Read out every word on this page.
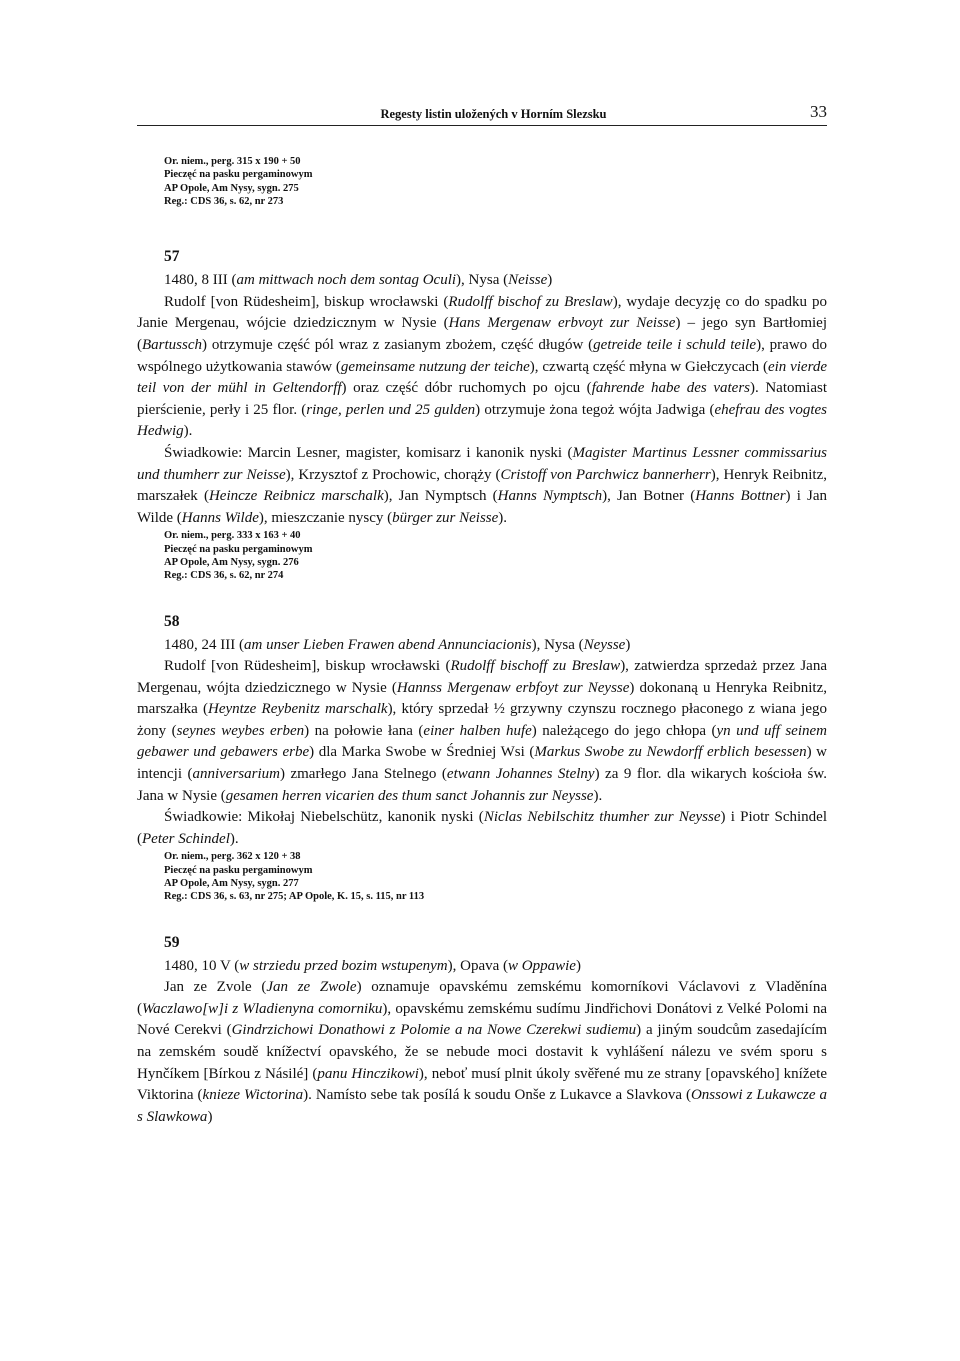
Regesty listin uložených v Horním Slezsku	33
Or. niem., perg. 315 x 190 + 50
Pieczęć na pasku pergaminowym
AP Opole, Am Nysy, sygn. 275
Reg.: CDS 36, s. 62, nr 273
57
1480, 8 III (am mittwach noch dem sontag Oculi), Nysa (Neisse)
Rudolf [von Rüdesheim], biskup wrocławski (Rudolff bischof zu Breslaw), wydaje decyzję co do spadku po Janie Mergenau, wójcie dziedzicznym w Nysie (Hans Mergenaw erbvoyt zur Neisse) – jego syn Bartłomiej (Bartussch) otrzymuje część pól wraz z zasianym zbożem, część długów (getreide teile i schuld teile), prawo do wspólnego użytkowania stawów (gemeinsame nutzung der teiche), czwartą część młyna w Giełczycach (ein vierde teil von der mühl in Geltendorff) oraz część dóbr ruchomych po ojcu (fahrende habe des vaters). Natomiast pierścienie, perły i 25 flor. (ringe, perlen und 25 gulden) otrzymuje żona tegoż wójta Jadwiga (ehefrau des vogtes Hedwig).
Świadkowie: Marcin Lesner, magister, komisarz i kanonik nyski (Magister Martinus Lessner commissarius und thumherr zur Neisse), Krzysztof z Prochowic, chorąży (Cristoff von Parchwicz bannerherr), Henryk Reibnitz, marszałek (Heincze Reibnicz marschalk), Jan Nymptsch (Hanns Nymptsch), Jan Botner (Hanns Bottner) i Jan Wilde (Hanns Wilde), mieszczanie nyscy (bürger zur Neisse).
Or. niem., perg. 333 x 163 + 40
Pieczęć na pasku pergaminowym
AP Opole, Am Nysy, sygn. 276
Reg.: CDS 36, s. 62, nr 274
58
1480, 24 III (am unser Lieben Frawen abend Annunciacionis), Nysa (Neysse)
Rudolf [von Rüdesheim], biskup wrocławski (Rudolff bischoff zu Breslaw), zatwierdza sprzedaż przez Jana Mergenau, wójta dziedzicznego w Nysie (Hannss Mergenaw erbfoyt zur Neysse) dokonaną u Henryka Reibnitz, marszałka (Heyntze Reybenitz marschalk), który sprzedał ½ grzywny czynszu rocznego płaconego z wiana jego żony (seynes weybes erben) na połowie łana (einer halben hufe) należącego do jego chłopa (yn und uff seinem gebawer und gebawers erbe) dla Marka Swobe w Średniej Wsi (Markus Swobe zu Newdorff erblich besessen) w intencji (anniversarium) zmarłego Jana Stelnego (etwann Johannes Stelny) za 9 flor. dla wikarych kościoła św. Jana w Nysie (gesamen herren vicarien des thum sanct Johannis zur Neysse).
Świadkowie: Mikołaj Niebelschütz, kanonik nyski (Niclas Nebilschitz thumher zur Neysse) i Piotr Schindel (Peter Schindel).
Or. niem., perg. 362 x 120 + 38
Pieczęć na pasku pergaminowym
AP Opole, Am Nysy, sygn. 277
Reg.: CDS 36, s. 63, nr 275; AP Opole, K. 15, s. 115, nr 113
59
1480, 10 V (w strziedu przed bozim wstupenym), Opava (w Oppawie)
Jan ze Zvole (Jan ze Zwole) oznamuje opavskému zemskému komorníkovi Václavovi z Vladěnína (Waczlawo[w]i z Wladienyna comorniku), opavskému zemskému sudímu Jindřichovi Donátovi z Velké Polomi na Nové Cerekvi (Gindrzichowi Donathowi z Polomie a na Nowe Czerekwi sudiemu) a jiným soudcům zasedajícím na zemském soudě knížectví opavského, že se nebude moci dostavit k vyhlášení nálezu ve svém sporu s Hynčíkem [Bírkou z Násilé] (panu Hinczikowi), neboť musí plnit úkoly svěřené mu ze strany [opavského] knížete Viktorina (knieze Wictorina). Namísto sebe tak posílá k soudu Onše z Lukavce a Slavkova (Onssowi z Lukawcze a s Slawkowa)
